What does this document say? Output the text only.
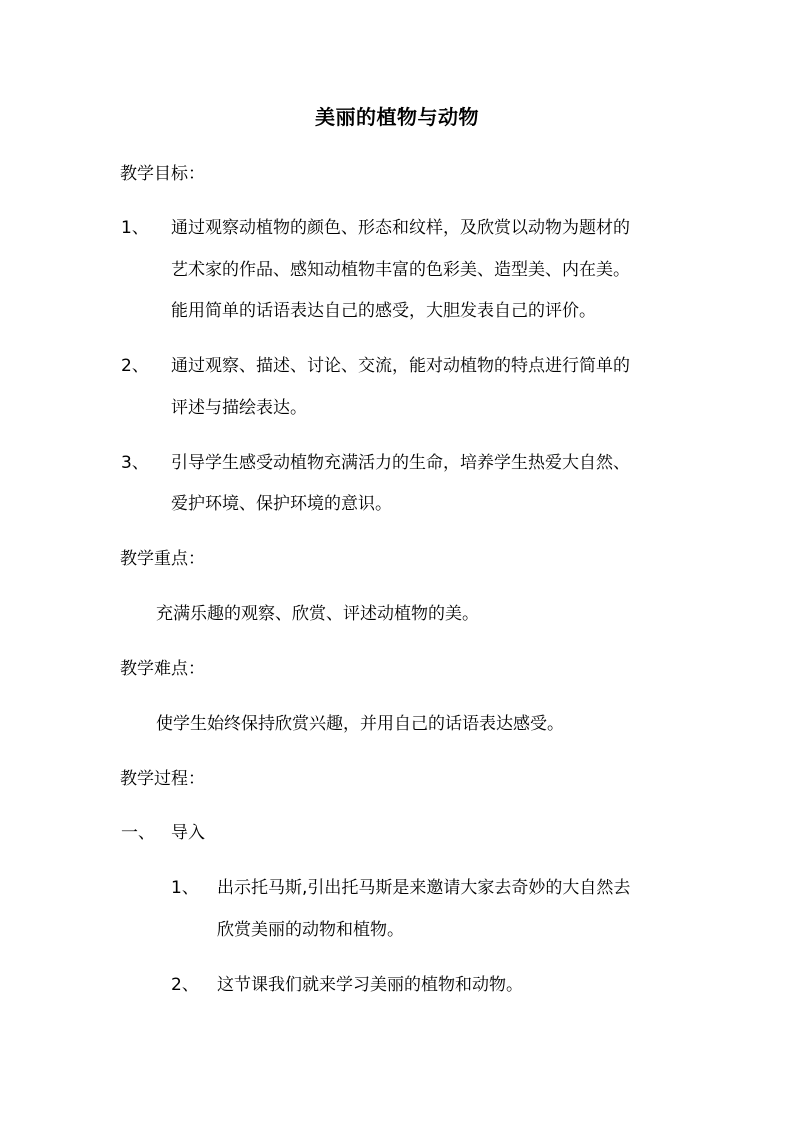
美丽的植物与动物
教学目标：
1、 通过观察动植物的颜色、形态和纹样，及欣赏以动物为题材的
艺术家的作品、感知动植物丰富的色彩美、造型美、内在美。
能用简单的话语表达自己的感受，大胆发表自己的评价。
2、 通过观察、描述、讨论、交流，能对动植物的特点进行简单的
评述与描绘表达。
3、 引导学生感受动植物充满活力的生命，培养学生热爱大自然、
爱护环境、保护环境的意识。
教学重点：
充满乐趣的观察、欣赏、评述动植物的美。
教学难点：
使学生始终保持欣赏兴趣，并用自己的话语表达感受。
教学过程：
一、 导入
1、 出示托马斯,引出托马斯是来邀请大家去奇妙的大自然去
欣赏美丽的动物和植物。
2、 这节课我们就来学习美丽的植物和动物。
